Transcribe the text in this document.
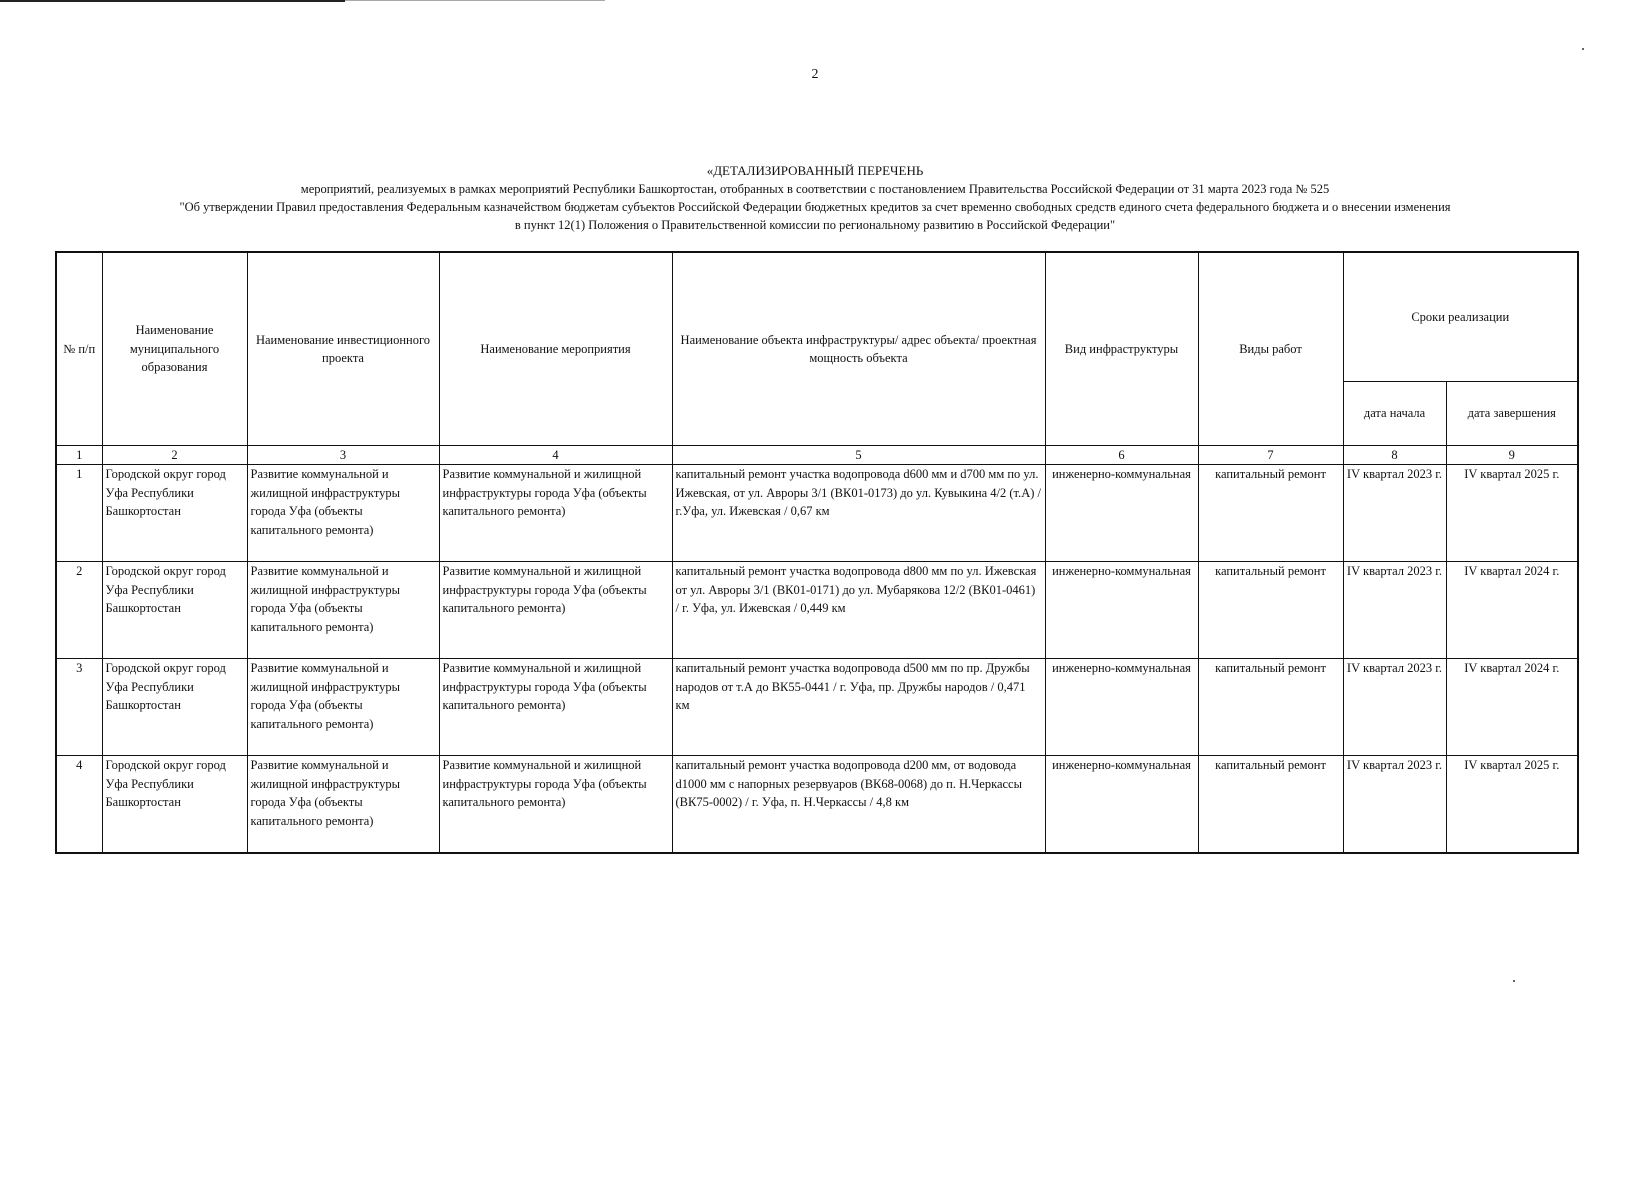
2
«ДЕТАЛИЗИРОВАННЫЙ ПЕРЕЧЕНЬ
мероприятий, реализуемых в рамках мероприятий Республики Башкортостан, отобранных в соответствии с постановлением Правительства Российской Федерации от 31 марта 2023 года № 525
"Об утверждении Правил предоставления Федеральным казначейством бюджетам субъектов Российской Федерации бюджетных кредитов за счет временно свободных средств единого счета федерального бюджета и о внесении изменения
в пункт 12(1) Положения о Правительственной комиссии по региональному развитию в Российской Федерации"
№ п/п	Наименование муниципального образования	Наименование инвестиционного проекта	Наименование мероприятия	Наименование объекта инфраструктуры/ адрес объекта/ проектная мощность объекта	Вид инфраструктуры	Виды работ	Сроки реализации	
							дата начала	дата завершения
1	2	3	4	5	6	7	8	9
1	Городской округ город Уфа Республики Башкортостан	Развитие коммунальной и жилищной инфраструктуры города Уфа (объекты капитального ремонта)	Развитие коммунальной и жилищной инфраструктуры города Уфа (объекты капитального ремонта)	капитальный ремонт участка водопровода d600 мм и d700 мм по ул. Ижевская, от ул. Авроры 3/1 (ВК01-0173) до ул. Кувыкина 4/2 (т.А) / г.Уфа, ул. Ижевская / 0,67 км	инженерно-коммунальная	капитальный ремонт	IV квартал 2023 г.	IV квартал 2025 г.
2	Городской округ город Уфа Республики Башкортостан	Развитие коммунальной и жилищной инфраструктуры города Уфа (объекты капитального ремонта)	Развитие коммунальной и жилищной инфраструктуры города Уфа (объекты капитального ремонта)	капитальный ремонт участка водопровода d800 мм по ул. Ижевская от ул. Авроры 3/1 (ВК01-0171) до ул. Мубарякова 12/2 (ВК01-0461) / г. Уфа, ул. Ижевская / 0,449 км	инженерно-коммунальная	капитальный ремонт	IV квартал 2023 г.	IV квартал 2024 г.
3	Городской округ город Уфа Республики Башкортостан	Развитие коммунальной и жилищной инфраструктуры города Уфа (объекты капитального ремонта)	Развитие коммунальной и жилищной инфраструктуры города Уфа (объекты капитального ремонта)	капитальный ремонт участка водопровода d500 мм по пр. Дружбы народов от т.А до ВК55-0441 / г. Уфа, пр. Дружбы народов / 0,471 км	инженерно-коммунальная	капитальный ремонт	IV квартал 2023 г.	IV квартал 2024 г.
4	Городской округ город Уфа Республики Башкортостан	Развитие коммунальной и жилищной инфраструктуры города Уфа (объекты капитального ремонта)	Развитие коммунальной и жилищной инфраструктуры города Уфа (объекты капитального ремонта)	капитальный ремонт участка водопровода d200 мм, от водовода d1000 мм с напорных резервуаров (ВК68-0068) до п. Н.Черкассы (ВК75-0002) / г. Уфа, п. Н.Черкассы / 4,8 км	инженерно-коммунальная	капитальный ремонт	IV квартал 2023 г.	IV квартал 2025 г.
